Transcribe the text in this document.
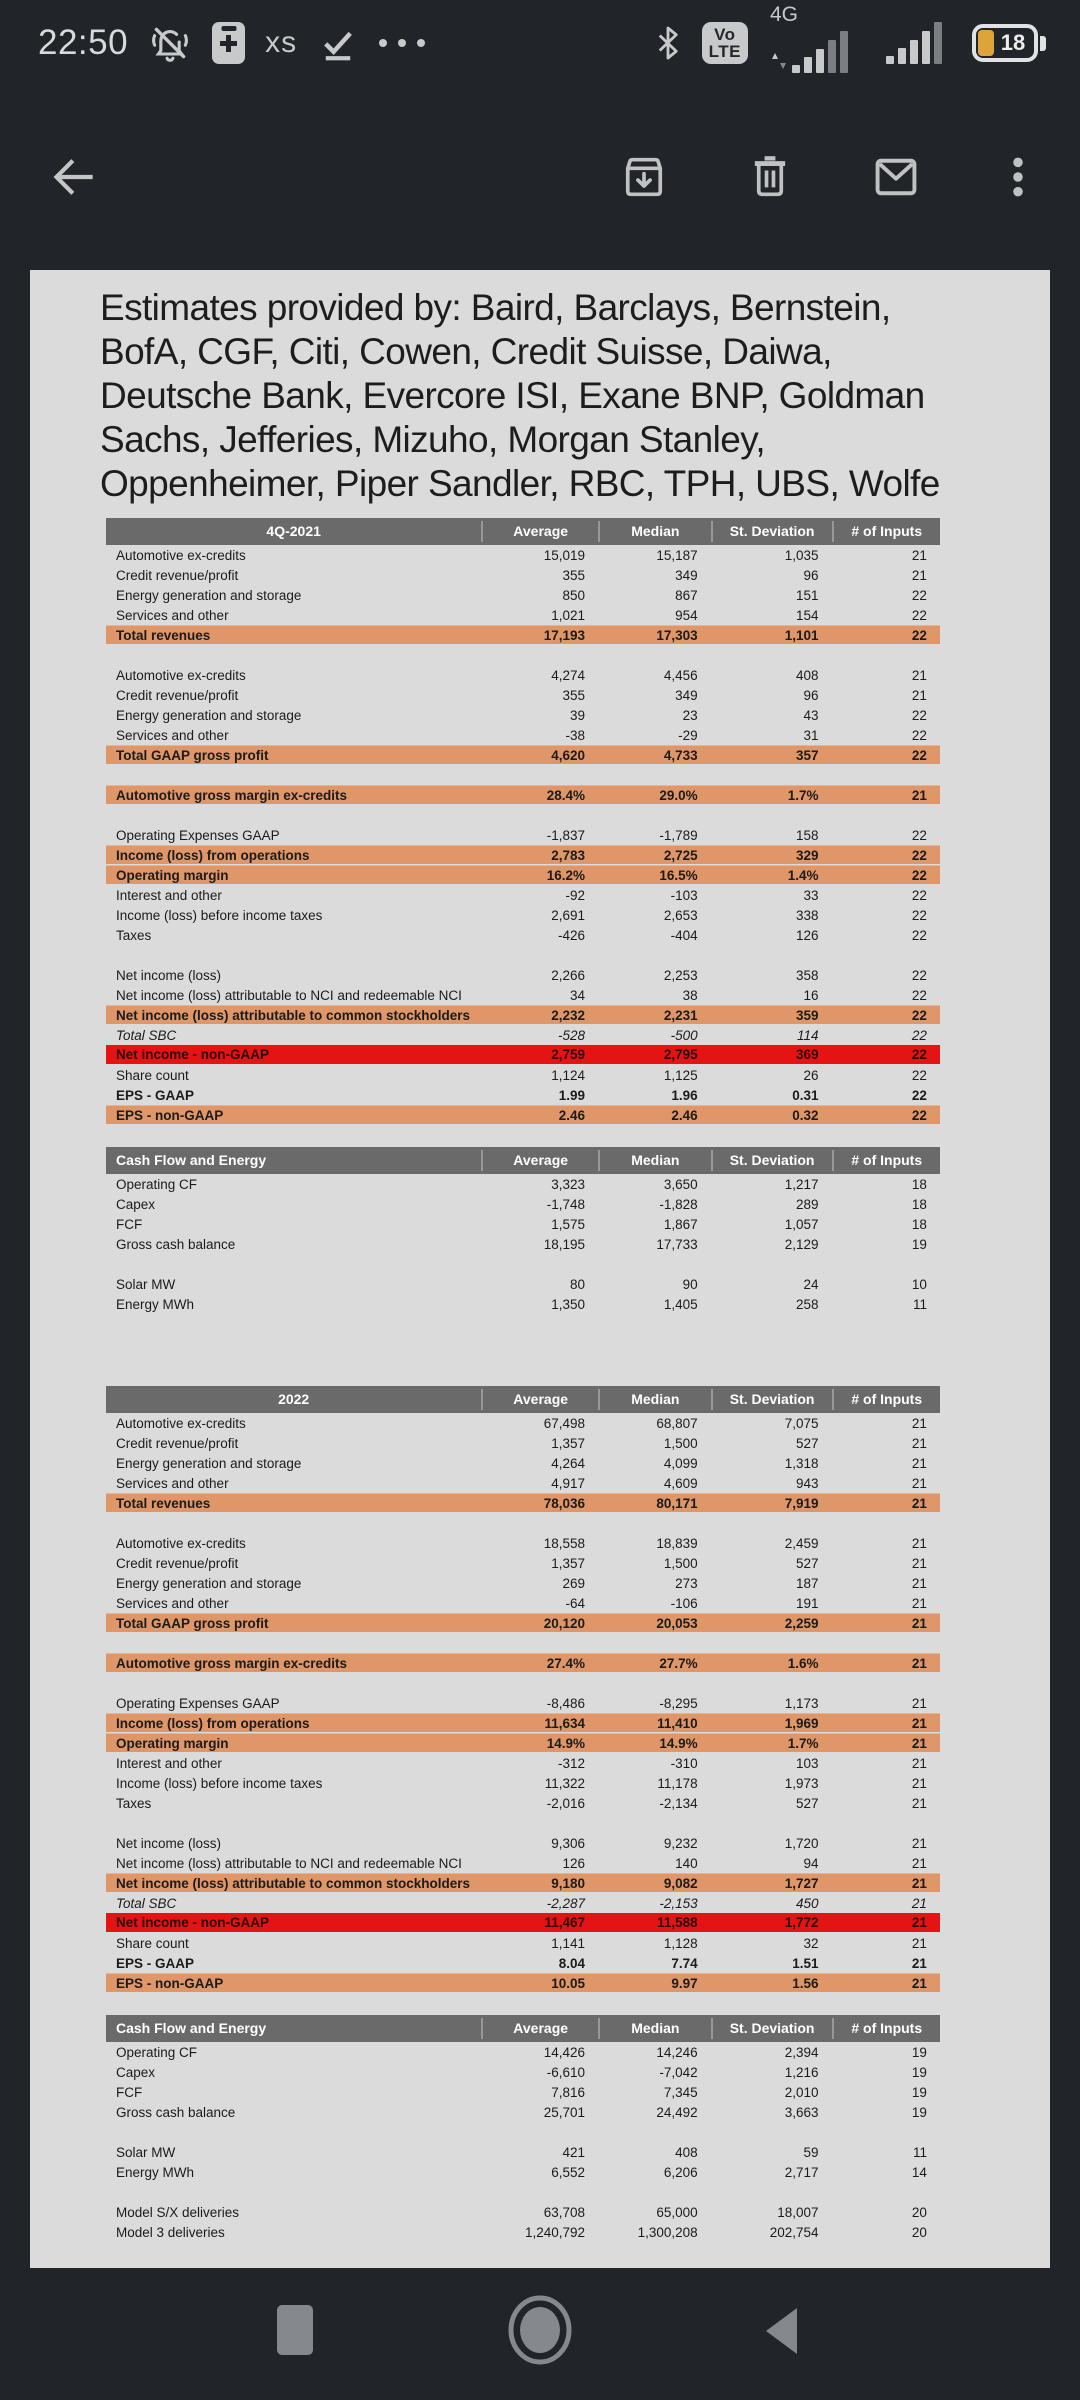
22:50	xs	Vo
LTE
4G
18

Estimates provided by: Baird, Barclays, Bernstein,
BofA, CGF, Citi, Cowen, Credit Suisse, Daiwa,
Deutsche Bank, Evercore ISI, Exane BNP, Goldman
Sachs, Jefferies, Mizuho, Morgan Stanley,
Oppenheimer, Piper Sandler, RBC, TPH, UBS, Wolfe

4Q-2021	Average	Median	St. Deviation	# of Inputs
Automotive ex-credits	15,019	15,187	1,035	21
Credit revenue/profit	355	349	96	21
Energy generation and storage	850	867	151	22
Services and other	1,021	954	154	22
Total revenues	17,193	17,303	1,101	22
Automotive ex-credits	4,274	4,456	408	21
Credit revenue/profit	355	349	96	21
Energy generation and storage	39	23	43	22
Services and other	-38	-29	31	22
Total GAAP gross profit	4,620	4,733	357	22
Automotive gross margin ex-credits	28.4%	29.0%	1.7%	21
Operating Expenses GAAP	-1,837	-1,789	158	22
Income (loss) from operations	2,783	2,725	329	22
Operating margin	16.2%	16.5%	1.4%	22
Interest and other	-92	-103	33	22
Income (loss) before income taxes	2,691	2,653	338	22
Taxes	-426	-404	126	22
Net income (loss)	2,266	2,253	358	22
Net income (loss) attributable to NCI and redeemable NCI	34	38	16	22
Net income (loss) attributable to common stockholders	2,232	2,231	359	22
Total SBC	-528	-500	114	22
Net income - non-GAAP	2,759	2,795	369	22
Share count	1,124	1,125	26	22
EPS - GAAP	1.99	1.96	0.31	22
EPS - non-GAAP	2.46	2.46	0.32	22
Cash Flow and Energy	Average	Median	St. Deviation	# of Inputs
Operating CF	3,323	3,650	1,217	18
Capex	-1,748	-1,828	289	18
FCF	1,575	1,867	1,057	18
Gross cash balance	18,195	17,733	2,129	19
Solar MW	80	90	24	10
Energy MWh	1,350	1,405	258	11
2022	Average	Median	St. Deviation	# of Inputs
Automotive ex-credits	67,498	68,807	7,075	21
Credit revenue/profit	1,357	1,500	527	21
Energy generation and storage	4,264	4,099	1,318	21
Services and other	4,917	4,609	943	21
Total revenues	78,036	80,171	7,919	21
Automotive ex-credits	18,558	18,839	2,459	21
Credit revenue/profit	1,357	1,500	527	21
Energy generation and storage	269	273	187	21
Services and other	-64	-106	191	21
Total GAAP gross profit	20,120	20,053	2,259	21
Automotive gross margin ex-credits	27.4%	27.7%	1.6%	21
Operating Expenses GAAP	-8,486	-8,295	1,173	21
Income (loss) from operations	11,634	11,410	1,969	21
Operating margin	14.9%	14.9%	1.7%	21
Interest and other	-312	-310	103	21
Income (loss) before income taxes	11,322	11,178	1,973	21
Taxes	-2,016	-2,134	527	21
Net income (loss)	9,306	9,232	1,720	21
Net income (loss) attributable to NCI and redeemable NCI	126	140	94	21
Net income (loss) attributable to common stockholders	9,180	9,082	1,727	21
Total SBC	-2,287	-2,153	450	21
Net income - non-GAAP	11,467	11,588	1,772	21
Share count	1,141	1,128	32	21
EPS - GAAP	8.04	7.74	1.51	21
EPS - non-GAAP	10.05	9.97	1.56	21
Cash Flow and Energy	Average	Median	St. Deviation	# of Inputs
Operating CF	14,426	14,246	2,394	19
Capex	-6,610	-7,042	1,216	19
FCF	7,816	7,345	2,010	19
Gross cash balance	25,701	24,492	3,663	19
Solar MW	421	408	59	11
Energy MWh	6,552	6,206	2,717	14
Model S/X deliveries	63,708	65,000	18,007	20
Model 3 deliveries	1,240,792	1,300,208	202,754	20
